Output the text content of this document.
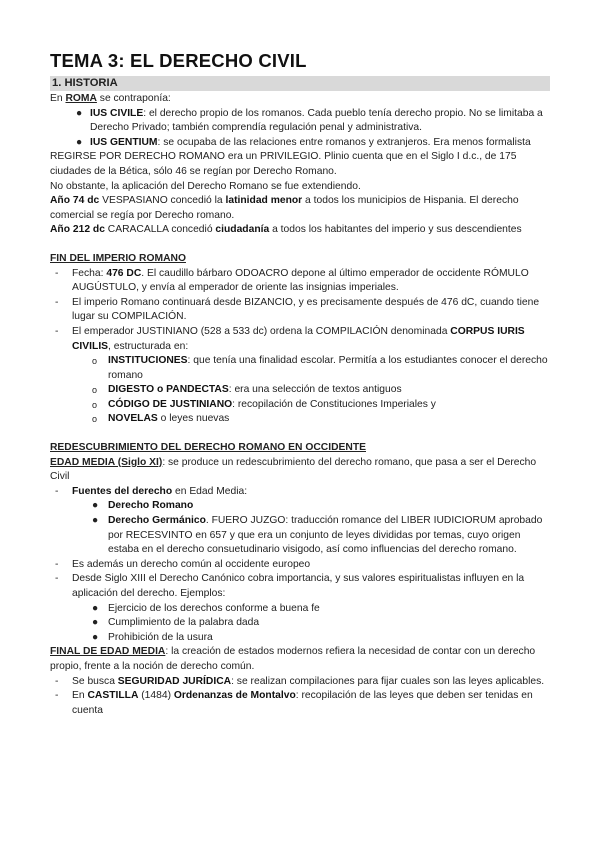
TEMA 3: EL DERECHO CIVIL
1. HISTORIA

En ROMA se contraponía:

● IUS CIVILE: el derecho propio de los romanos. Cada pueblo tenía derecho propio. No se limitaba a Derecho Privado; también comprendía regulación penal y administrativa.
● IUS GENTIUM: se ocupaba de las relaciones entre romanos y extranjeros. Era menos formalista

REGIRSE POR DERECHO ROMANO era un PRIVILEGIO. Plinio cuenta que en el Siglo I d.c., de 175 ciudades de la Bética, sólo 46 se regían por Derecho Romano.

No obstante, la aplicación del Derecho Romano se fue extendiendo.

Año 74 dc VESPASIANO concedió la latinidad menor a todos los municipios de Hispania. El derecho comercial se regía por Derecho romano.

Año 212 dc CARACALLA concedió ciudadanía a todos los habitantes del imperio y sus descendientes

FIN DEL IMPERIO ROMANO

- Fecha: 476 DC. El caudillo bárbaro ODOACRO depone al último emperador de occidente RÓMULO AUGÚSTULO, y envía al emperador de oriente las insignias imperiales.
- El imperio Romano continuará desde BIZANCIO, y es precisamente después de 476 dC, cuando tiene lugar su COMPILACIÓN.
- El emperador JUSTINIANO (528 a 533 dc) ordena la COMPILACIÓN denominada CORPUS IURIS CIVILIS, estructurada en:
o INSTITUCIONES: que tenía una finalidad escolar. Permitía a los estudiantes conocer el derecho romano
o DIGESTO o PANDECTAS: era una selección de textos antiguos
o CÓDIGO DE JUSTINIANO: recopilación de Constituciones Imperiales y
o NOVELAS o leyes nuevas

REDESCUBRIMIENTO DEL DERECHO ROMANO EN OCCIDENTE

EDAD MEDIA (Siglo XI): se produce un redescubrimiento del derecho romano, que pasa a ser el Derecho Civil

- Fuentes del derecho en Edad Media:
● Derecho Romano
● Derecho Germánico. FUERO JUZGO: traducción romance del LIBER IUDICIORUM aprobado por RECESVINTO en 657 y que era un conjunto de leyes divididas por temas, cuyo origen estaba en el derecho consuetudinario visigodo, así como influencias del derecho romano.
- Es además un derecho común al occidente europeo
- Desde Siglo XIII el Derecho Canónico cobra importancia, y sus valores espiritualistas influyen en la aplicación del derecho. Ejemplos:
● Ejercicio de los derechos conforme a buena fe
● Cumplimiento de la palabra dada
● Prohibición de la usura

FINAL DE EDAD MEDIA: la creación de estados modernos refiera la necesidad de contar con un derecho propio, frente a la noción de derecho común.

- Se busca SEGURIDAD JURÍDICA: se realizan compilaciones para fijar cuales son las leyes aplicables.
- En CASTILLA (1484) Ordenanzas de Montalvo: recopilación de las leyes que deben ser tenidas en cuenta
